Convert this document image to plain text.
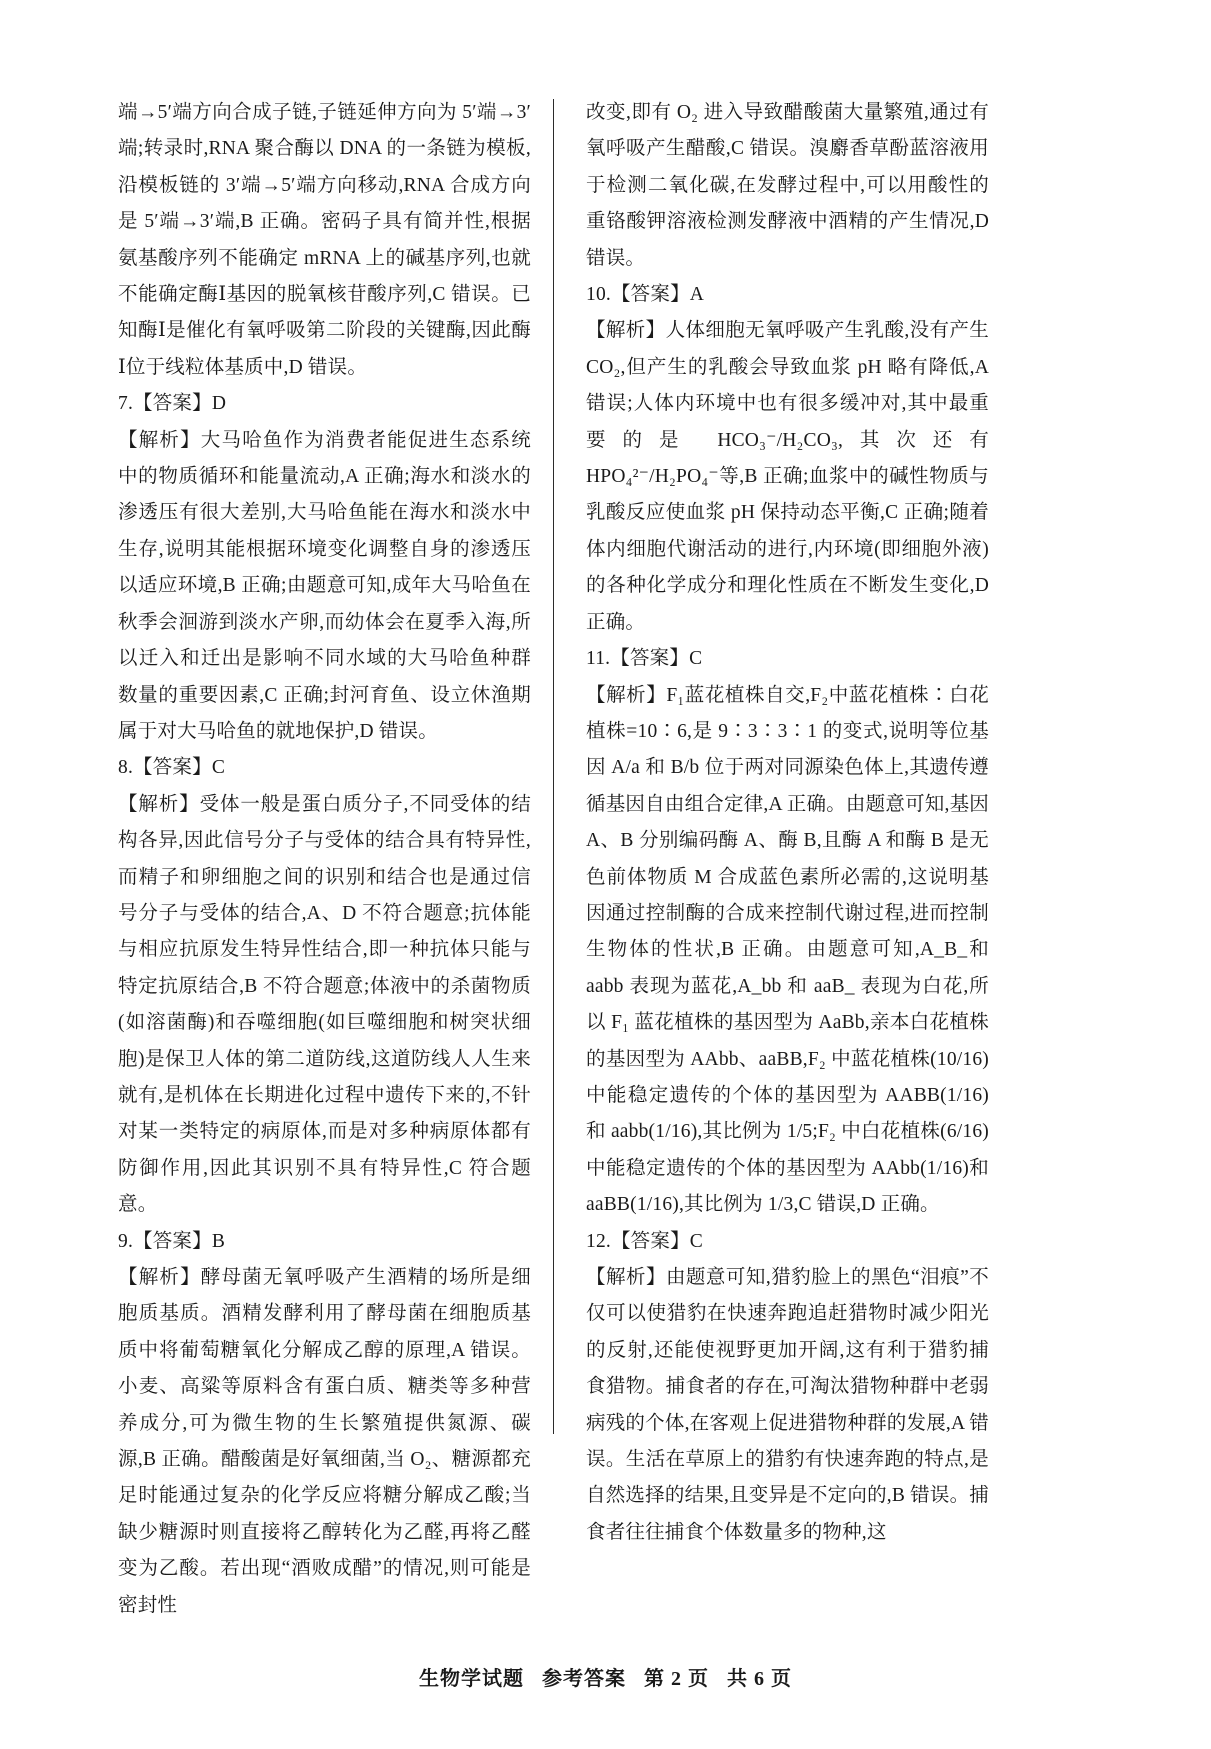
端→5′端方向合成子链,子链延伸方向为 5′端→3′端;转录时,RNA 聚合酶以 DNA 的一条链为模板,沿模板链的 3′端→5′端方向移动,RNA 合成方向是 5′端→3′端,B 正确。密码子具有简并性,根据氨基酸序列不能确定 mRNA 上的碱基序列,也就不能确定酶Ⅰ基因的脱氧核苷酸序列,C 错误。已知酶Ⅰ是催化有氧呼吸第二阶段的关键酶,因此酶Ⅰ位于线粒体基质中,D 错误。

7.【答案】D

【解析】大马哈鱼作为消费者能促进生态系统中的物质循环和能量流动,A 正确;海水和淡水的渗透压有很大差别,大马哈鱼能在海水和淡水中生存,说明其能根据环境变化调整自身的渗透压以适应环境,B 正确;由题意可知,成年大马哈鱼在秋季会洄游到淡水产卵,而幼体会在夏季入海,所以迁入和迁出是影响不同水域的大马哈鱼种群数量的重要因素,C 正确;封河育鱼、设立休渔期属于对大马哈鱼的就地保护,D 错误。

8.【答案】C

【解析】受体一般是蛋白质分子,不同受体的结构各异,因此信号分子与受体的结合具有特异性,而精子和卵细胞之间的识别和结合也是通过信号分子与受体的结合,A、D 不符合题意;抗体能与相应抗原发生特异性结合,即一种抗体只能与特定抗原结合,B 不符合题意;体液中的杀菌物质(如溶菌酶)和吞噬细胞(如巨噬细胞和树突状细胞)是保卫人体的第二道防线,这道防线人人生来就有,是机体在长期进化过程中遗传下来的,不针对某一类特定的病原体,而是对多种病原体都有防御作用,因此其识别不具有特异性,C 符合题意。

9.【答案】B

【解析】酵母菌无氧呼吸产生酒精的场所是细胞质基质。酒精发酵利用了酵母菌在细胞质基质中将葡萄糖氧化分解成乙醇的原理,A 错误。小麦、高粱等原料含有蛋白质、糖类等多种营养成分,可为微生物的生长繁殖提供氮源、碳源,B 正确。醋酸菌是好氧细菌,当 O₂、糖源都充足时能通过复杂的化学反应将糖分解成乙酸;当缺少糖源时则直接将乙醇转化为乙醛,再将乙醛变为乙酸。若出现“酒败成醋”的情况,则可能是密封性

改变,即有 O₂ 进入导致醋酸菌大量繁殖,通过有氧呼吸产生醋酸,C 错误。溴麝香草酚蓝溶液用于检测二氧化碳,在发酵过程中,可以用酸性的重铬酸钾溶液检测发酵液中酒精的产生情况,D 错误。

10.【答案】A

【解析】人体细胞无氧呼吸产生乳酸,没有产生 CO₂,但产生的乳酸会导致血浆 pH 略有降低,A 错误;人体内环境中也有很多缓冲对,其中最重要的是 HCO₃⁻/H₂CO₃,其次还有 HPO₄²⁻/H₂PO₄⁻等,B 正确;血浆中的碱性物质与乳酸反应使血浆 pH 保持动态平衡,C 正确;随着体内细胞代谢活动的进行,内环境(即细胞外液)的各种化学成分和理化性质在不断发生变化,D 正确。

11.【答案】C

【解析】F₁蓝花植株自交,F₂中蓝花植株∶白花植株=10∶6,是 9∶3∶3∶1 的变式,说明等位基因 A/a 和 B/b 位于两对同源染色体上,其遗传遵循基因自由组合定律,A 正确。由题意可知,基因 A、B 分别编码酶 A、酶 B,且酶 A 和酶 B 是无色前体物质 M 合成蓝色素所必需的,这说明基因通过控制酶的合成来控制代谢过程,进而控制生物体的性状,B 正确。由题意可知,A_B_和 aabb 表现为蓝花,A_bb 和 aaB_ 表现为白花,所以 F₁ 蓝花植株的基因型为 AaBb,亲本白花植株的基因型为 AAbb、aaBB,F₂ 中蓝花植株(10/16)中能稳定遗传的个体的基因型为 AABB(1/16)和 aabb(1/16),其比例为 1/5;F₂ 中白花植株(6/16)中能稳定遗传的个体的基因型为 AAbb(1/16)和 aaBB(1/16),其比例为 1/3,C 错误,D 正确。

12.【答案】C

【解析】由题意可知,猎豹脸上的黑色“泪痕”不仅可以使猎豹在快速奔跑追赶猎物时减少阳光的反射,还能使视野更加开阔,这有利于猎豹捕食猎物。捕食者的存在,可淘汰猎物种群中老弱病残的个体,在客观上促进猎物种群的发展,A 错误。生活在草原上的猎豹有快速奔跑的特点,是自然选择的结果,且变异是不定向的,B 错误。捕食者往往捕食个体数量多的物种,这

生物学试题 参考答案 第 2 页 共 6 页
